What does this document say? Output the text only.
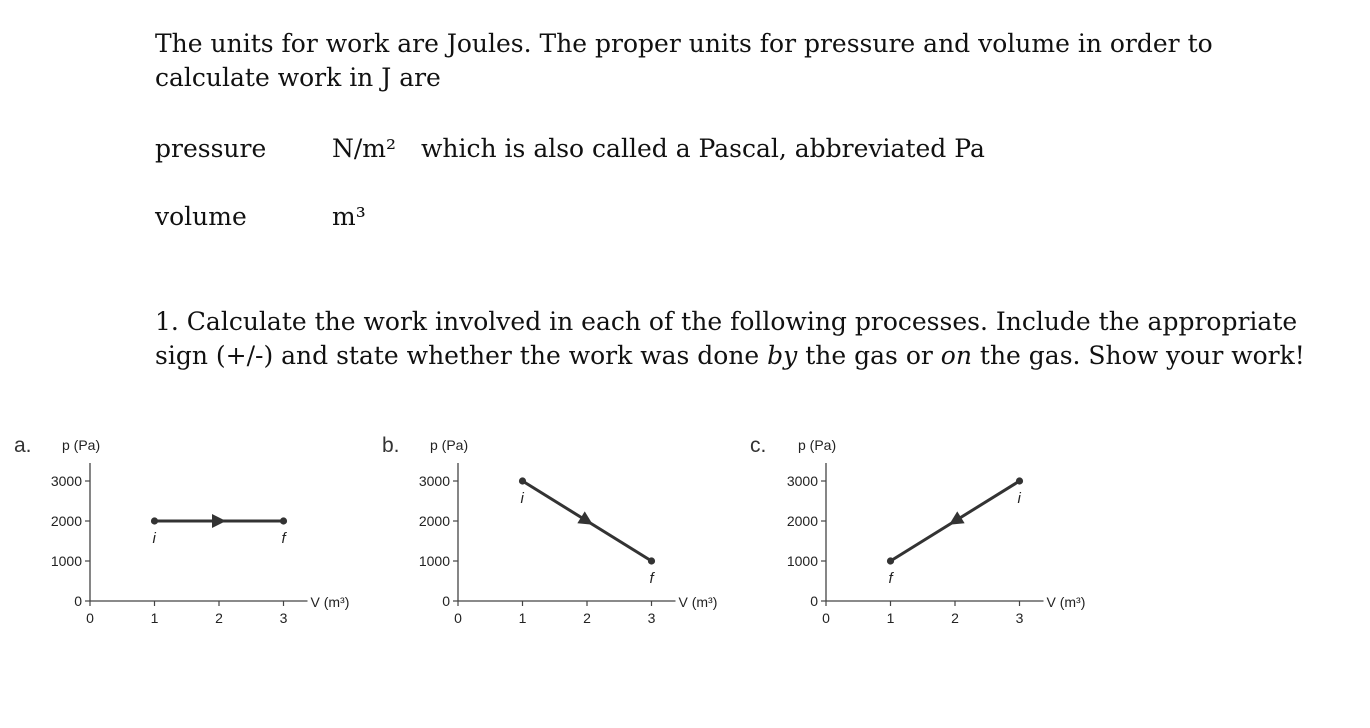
The units for work are Joules. The proper units for pressure and volume in order to
calculate work in J are
pressure	N/m² which is also called a Pascal, abbreviated Pa
volume	m³
1. Calculate the work involved in each of the following processes. Include the appropriate
sign (+/-) and state whether the work was done by the gas or on the gas. Show your work!
a. p (Pa)
0
1000
2000
3000
0	1	2	3
V (m³)
i	f
b. p (Pa)
0
1000
2000
3000
0	1	2	3
V (m³)
i
f
c. p (Pa)
0
1000
2000
3000
0	1	2	3
V (m³)
i
f
